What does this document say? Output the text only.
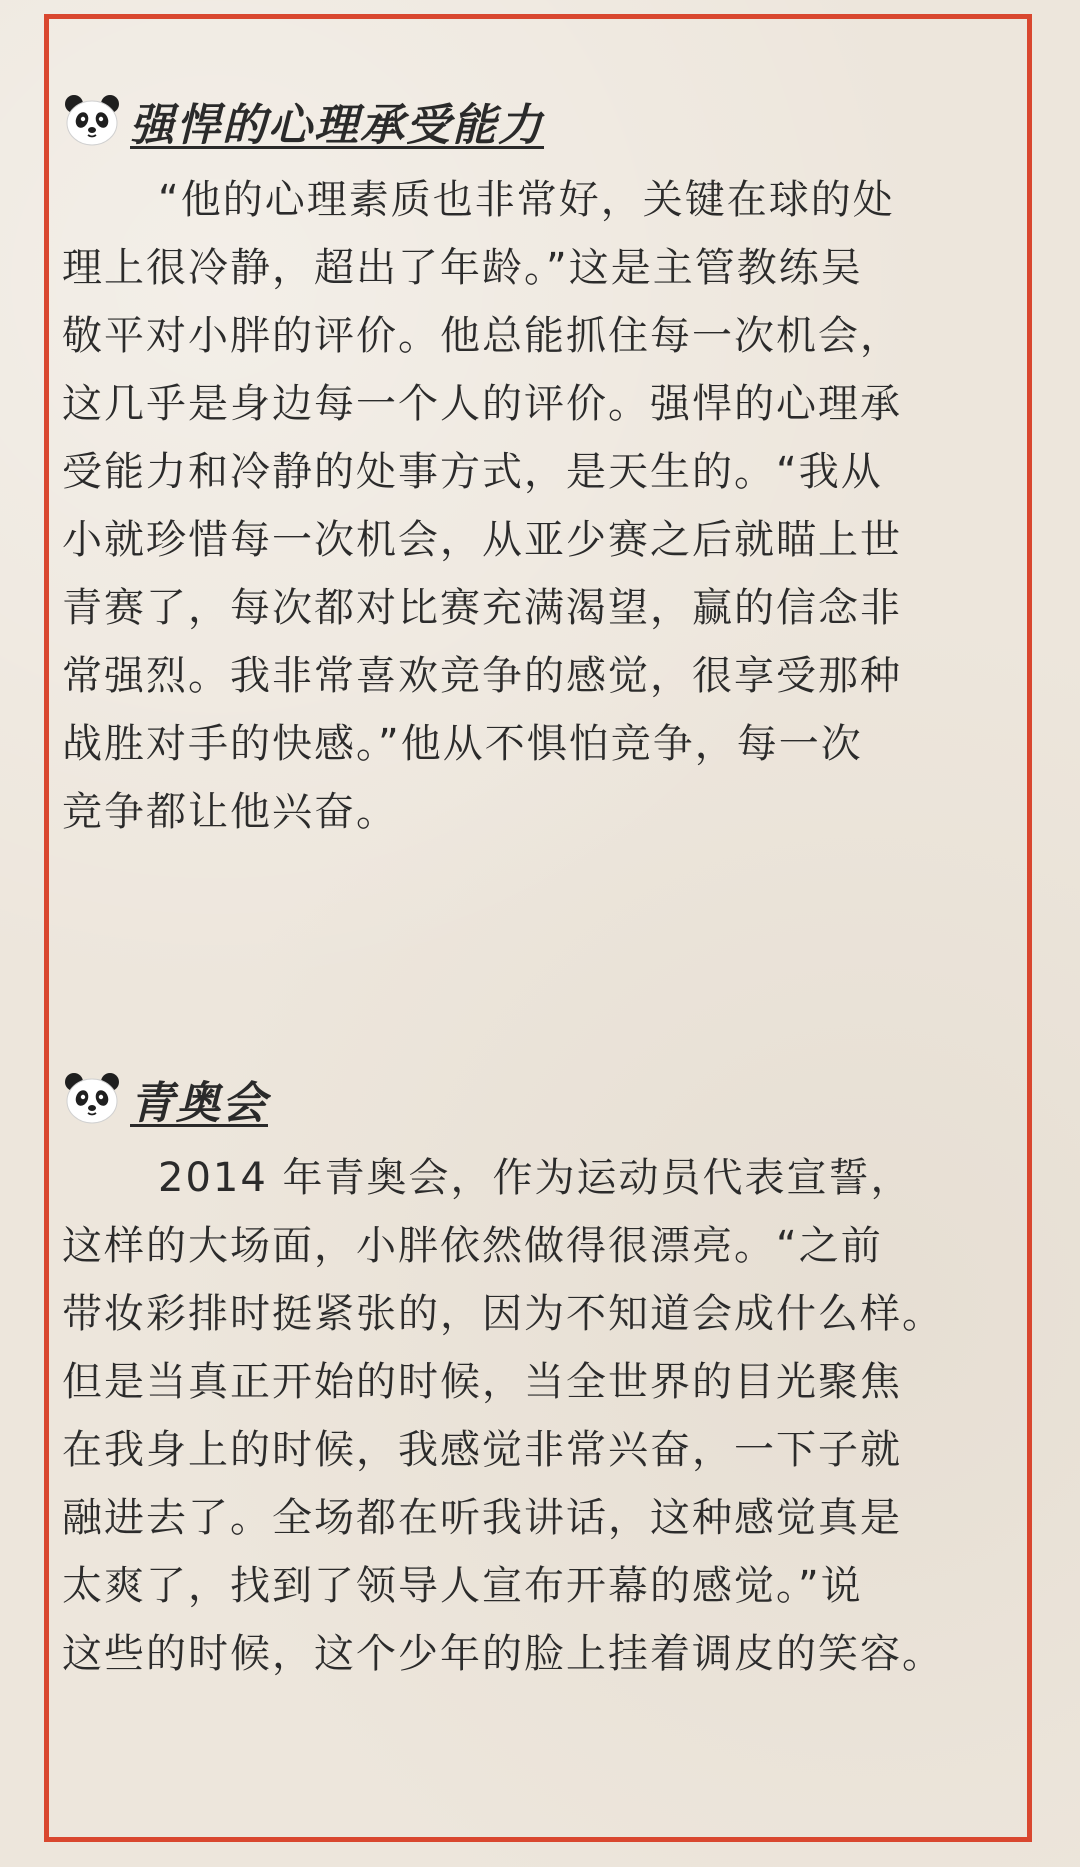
强悍的心理承受能力
“他的心理素质也非常好，关键在球的处
理上很冷静，超出了年龄。”这是主管教练吴
敬平对小胖的评价。他总能抓住每一次机会，
这几乎是身边每一个人的评价。强悍的心理承
受能力和冷静的处事方式，是天生的。“我从
小就珍惜每一次机会，从亚少赛之后就瞄上世
青赛了，每次都对比赛充满渴望，赢的信念非
常强烈。我非常喜欢竞争的感觉，很享受那种
战胜对手的快感。”他从不惧怕竞争，每一次
竞争都让他兴奋。
青奥会
2014 年青奥会，作为运动员代表宣誓，
这样的大场面，小胖依然做得很漂亮。“之前
带妆彩排时挺紧张的，因为不知道会成什么样。
但是当真正开始的时候，当全世界的目光聚焦
在我身上的时候，我感觉非常兴奋，一下子就
融进去了。全场都在听我讲话，这种感觉真是
太爽了，找到了领导人宣布开幕的感觉。”说
这些的时候，这个少年的脸上挂着调皮的笑容。
